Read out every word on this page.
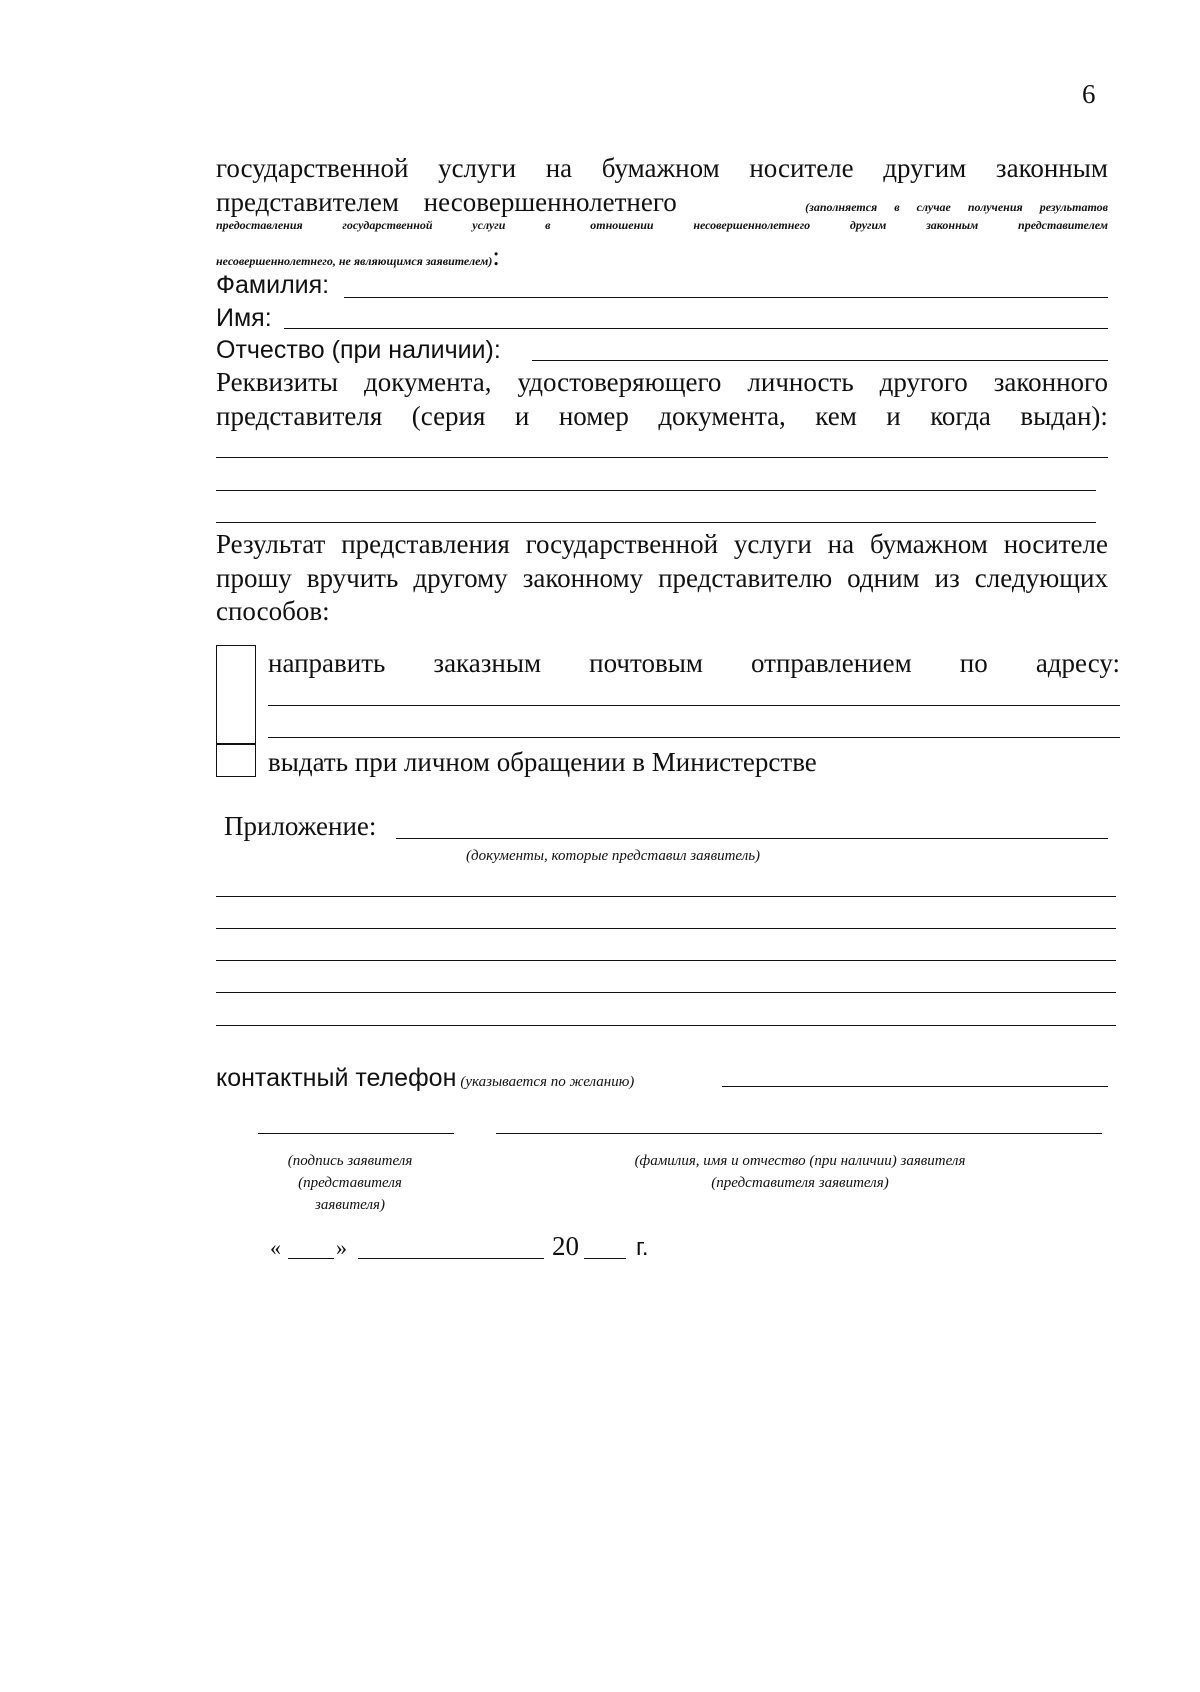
6
государственной услуги на бумажном носителе другим законным
представителем несовершеннолетнего	(заполняется в случае получения результатов
предоставления государственной услуги в отношении несовершеннолетнего другим законным представителем
несовершеннолетнего, не являющимся заявителем):
Фамилия:
Имя:
Отчество (при наличии):
Реквизиты документа, удостоверяющего личность другого законного
представителя (серия и номер документа, кем и когда выдан):
Результат представления государственной услуги на бумажном носителе
прошу вручить другому законному представителю одним из следующих
способов:
направить заказным почтовым отправлением по адресу:
выдать при личном обращении в Министерстве
Приложение:
(документы, которые представил заявитель)
контактный телефон (указывается по желанию)
(подпись заявителя
(представителя
заявителя)
(фамилия, имя и отчество (при наличии) заявителя
(представителя заявителя)
«	»	20 г.
